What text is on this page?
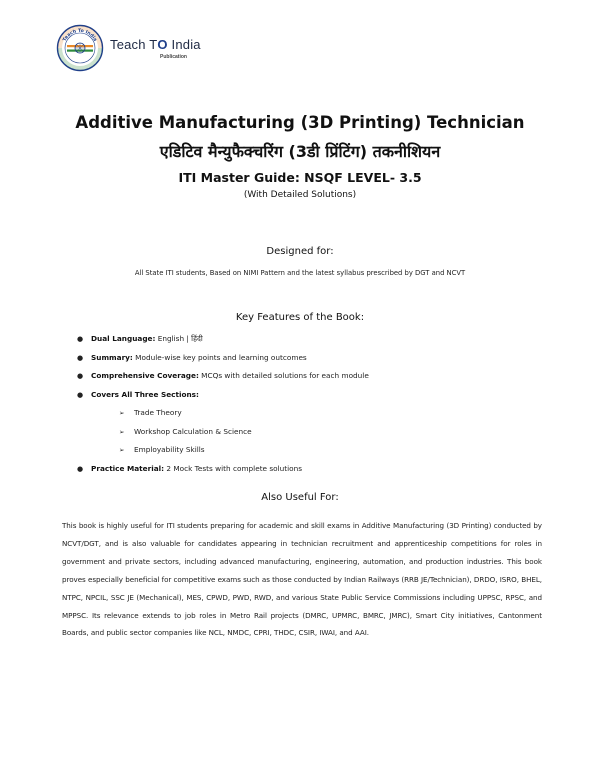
Teach To India Teach TO India
Publication
Additive Manufacturing (3D Printing) Technician
एडिटिव मैन्युफैक्चरिंग (3डी प्रिंटिंग) तकनीशियन
ITI Master Guide: NSQF LEVEL- 3.5
(With Detailed Solutions)
Designed for:
All State ITI students, Based on NIMI Pattern and the latest syllabus prescribed by DGT and NCVT
Key Features of the Book:
● Dual Language: English | हिंदी
● Summary: Module-wise key points and learning outcomes
● Comprehensive Coverage: MCQs with detailed solutions for each module
● Covers All Three Sections:
➢ Trade Theory
➢ Workshop Calculation & Science
➢ Employability Skills
● Practice Material: 2 Mock Tests with complete solutions
Also Useful For:
This book is highly useful for ITI students preparing for academic and skill exams in Additive Manufacturing (3D Printing) conducted by NCVT/DGT, and is also valuable for candidates appearing in technician recruitment and apprenticeship competitions for roles in government and private sectors, including advanced manufacturing, engineering, automation, and production industries. This book proves especially beneficial for competitive exams such as those conducted by Indian Railways (RRB JE/Technician), DRDO, ISRO, BHEL, NTPC, NPCIL, SSC JE (Mechanical), MES, CPWD, PWD, RWD, and various State Public Service Commissions including UPPSC, RPSC, and MPPSC. Its relevance extends to job roles in Metro Rail projects (DMRC, UPMRC, BMRC, JMRC), Smart City initiatives, Cantonment Boards, and public sector companies like NCL, NMDC, CPRI, THDC, CSIR, IWAI, and AAI.
